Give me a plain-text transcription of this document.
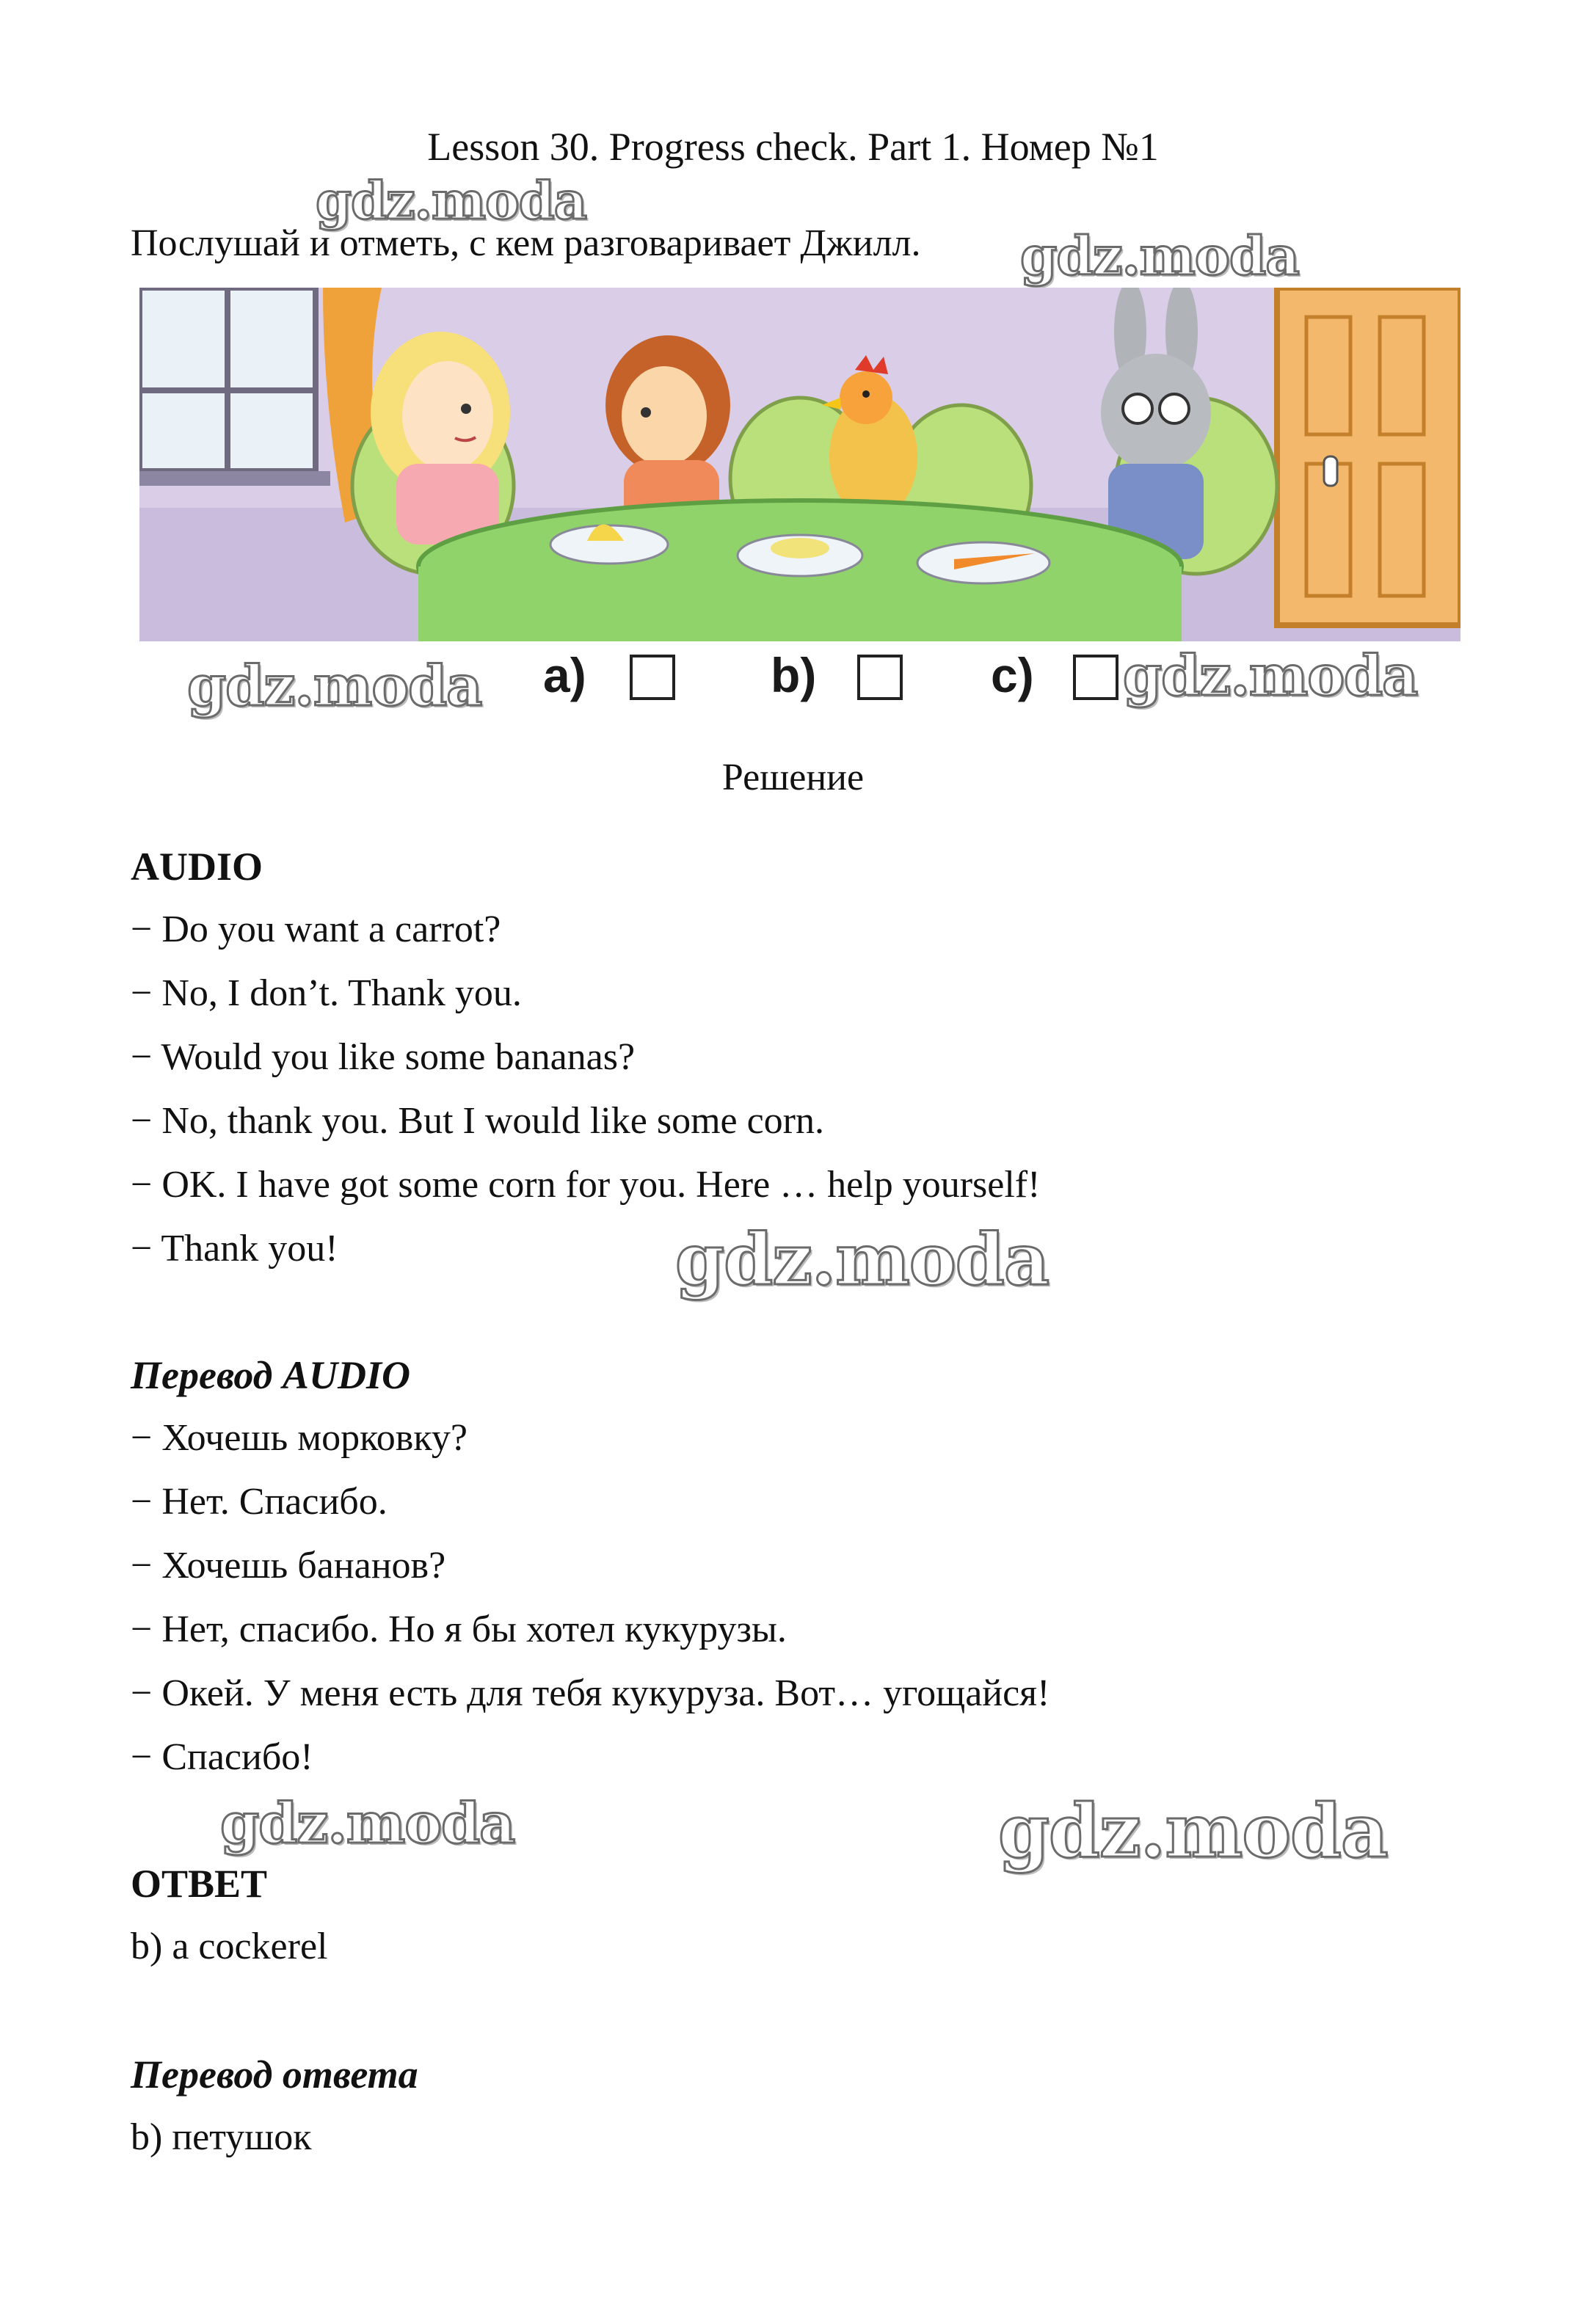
Lesson 30. Progress check. Part 1. Номер №1
Послушай и отметь, с кем разговаривает Джилл.
gdz.moda
gdz.moda
gdz.moda a)	b)	c) gdz.moda
Решение
AUDIO
− Do you want a carrot?
− No, I don’t. Thank you.
− Would you like some bananas?
− No, thank you. But I would like some corn.
− OK. I have got some corn for you. Here … help yourself!
− Thank you!	gdz.moda
Перевод AUDIO
− Хочешь морковку?
− Нет. Спасибо.
− Хочешь бананов?
− Нет, спасибо. Но я бы хотел кукурузы.
− Окей. У меня есть для тебя кукуруза. Вот… угощайся!
− Спасибо!
gdz.moda	gdz.moda
ОТВЕТ
b) a cockerel
Перевод ответа
b) петушок
